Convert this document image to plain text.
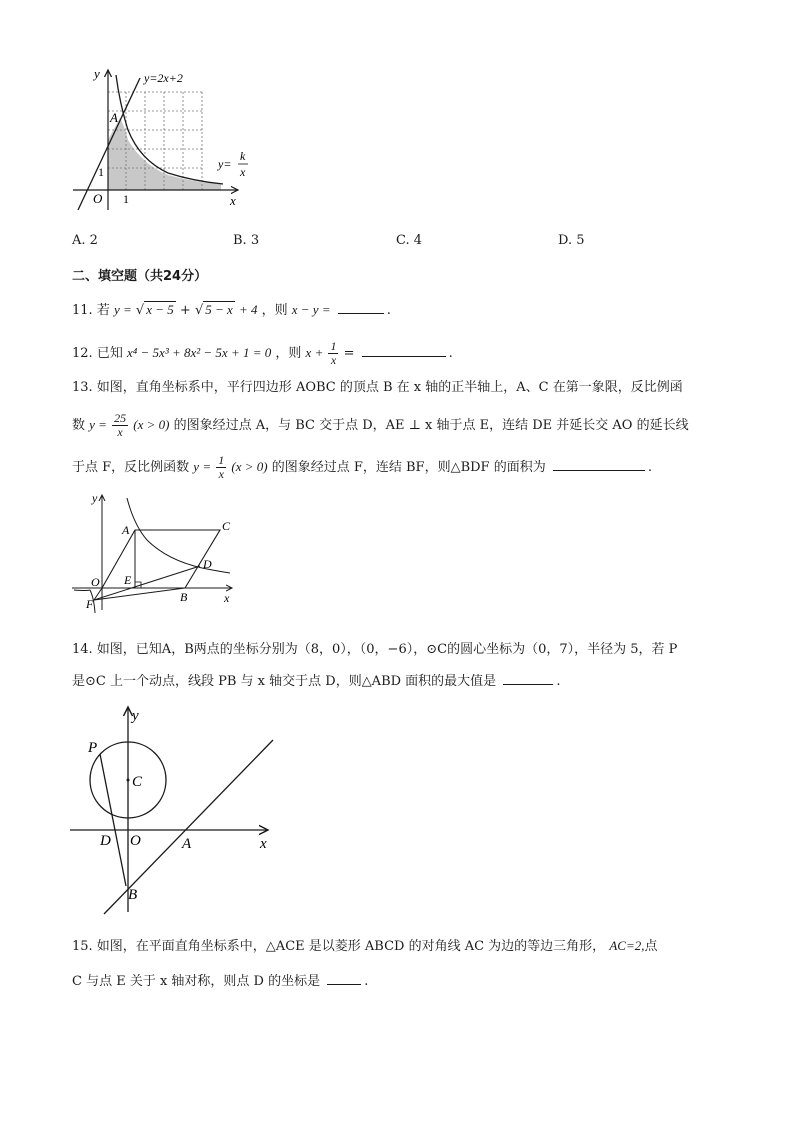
y
x
O 1
1
A
y=2x+2
y=
k
x
A. 2	B. 3	C. 4	D. 5
二、填空题（共24分）
11. 若 y = √ x − 5 + √ 5 − x + 4 ，则 x − y =	.
12. 已知 x⁴ − 5x³ + 8x² − 5x + 1 = 0 ，则 $x + \frac{1}{x}$ =	.
13. 如图，直角坐标系中，平行四边形 AOBC 的顶点 B 在 x 轴的正半轴上，A、C 在第一象限，反比例函
数 $y = \frac{25}{x} (x > 0)$ 的图象经过点 A，与 BC 交于点 D，AE ⊥ x 轴于点 E，连结 DE 并延长交 AO 的延长线
于点 F，反比例函数 $y = \frac{1}{x} (x > 0)$ 的图象经过点 F，连结 BF，则△BDF 的面积为	.
y
x
A	C
O E
D
F	B
14. 如图，已知A，B两点的坐标分别为（8，0），（0，−6），⊙C的圆心坐标为（0，7），半径为 5，若 P
是⊙C 上一个动点，线段 PB 与 x 轴交于点 D，则△ABD 面积的最大值是	.
y
x
P
C
D O	A
B
15. 如图，在平面直角坐标系中，△ACE 是以菱形 ABCD 的对角线 AC 为边的等边三角形， AC=2,点
C 与点 E 关于 x 轴对称，则点 D 的坐标是	.
